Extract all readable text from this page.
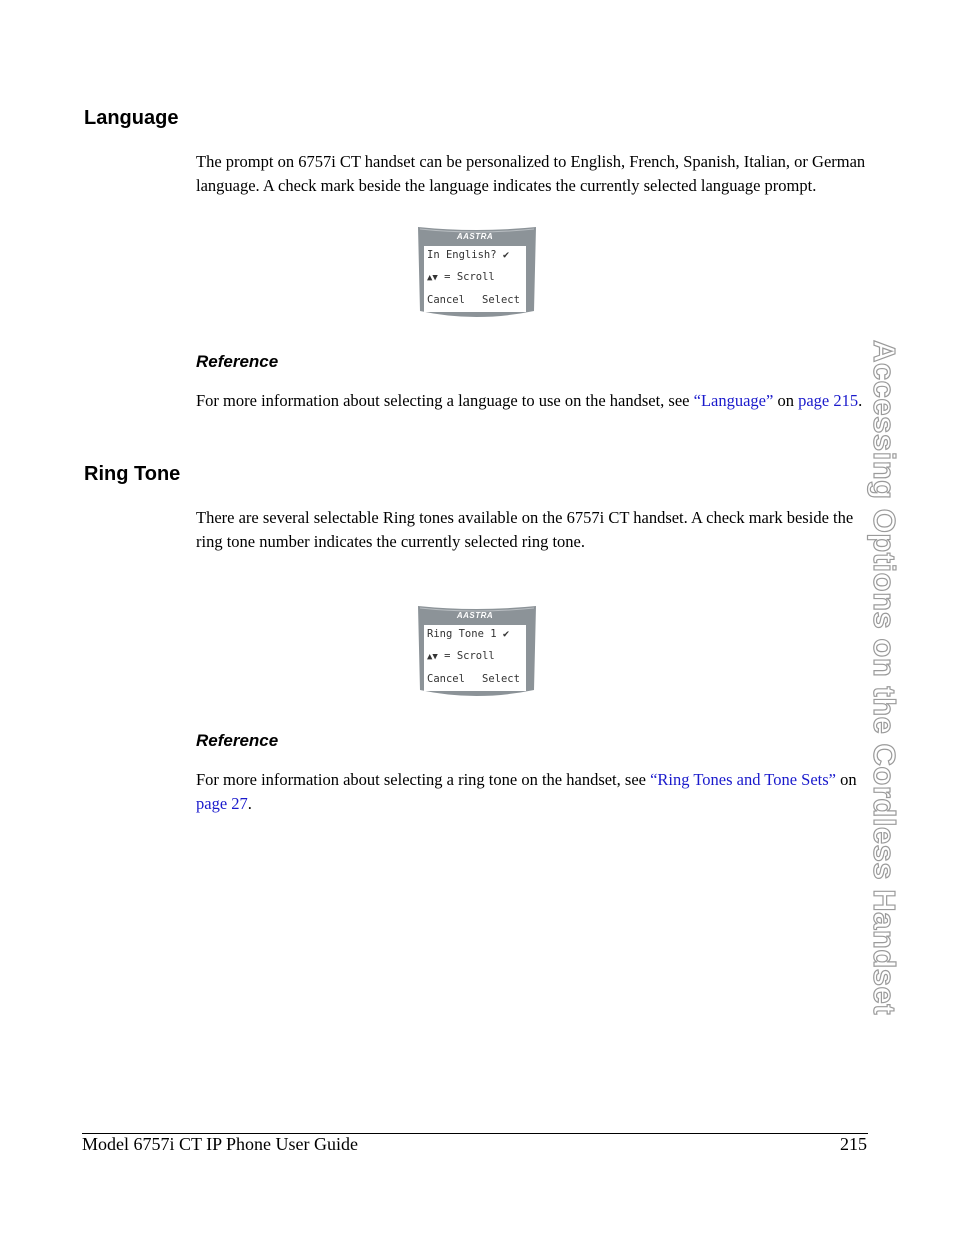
Language

The prompt on 6757i CT handset can be personalized to English, French, Spanish, Italian, or German language. A check mark beside the language indicates the currently selected language prompt.

AASTRA
In English? ✔
▲▼ = Scroll
Cancel Select
Reference

For more information about selecting a language to use on the handset, see “Language” on page 215.

Ring Tone

There are several selectable Ring tones available on the 6757i CT handset. A check mark beside the ring tone number indicates the currently selected ring tone.

AASTRA
Ring Tone 1 ✔
▲▼ = Scroll
Cancel Select
Reference

For more information about selecting a ring tone on the handset, see “Ring Tones and Tone Sets” on page 27.	Accessing Options on the Cordless Handset
Model 6757i CT IP Phone User Guide	215
